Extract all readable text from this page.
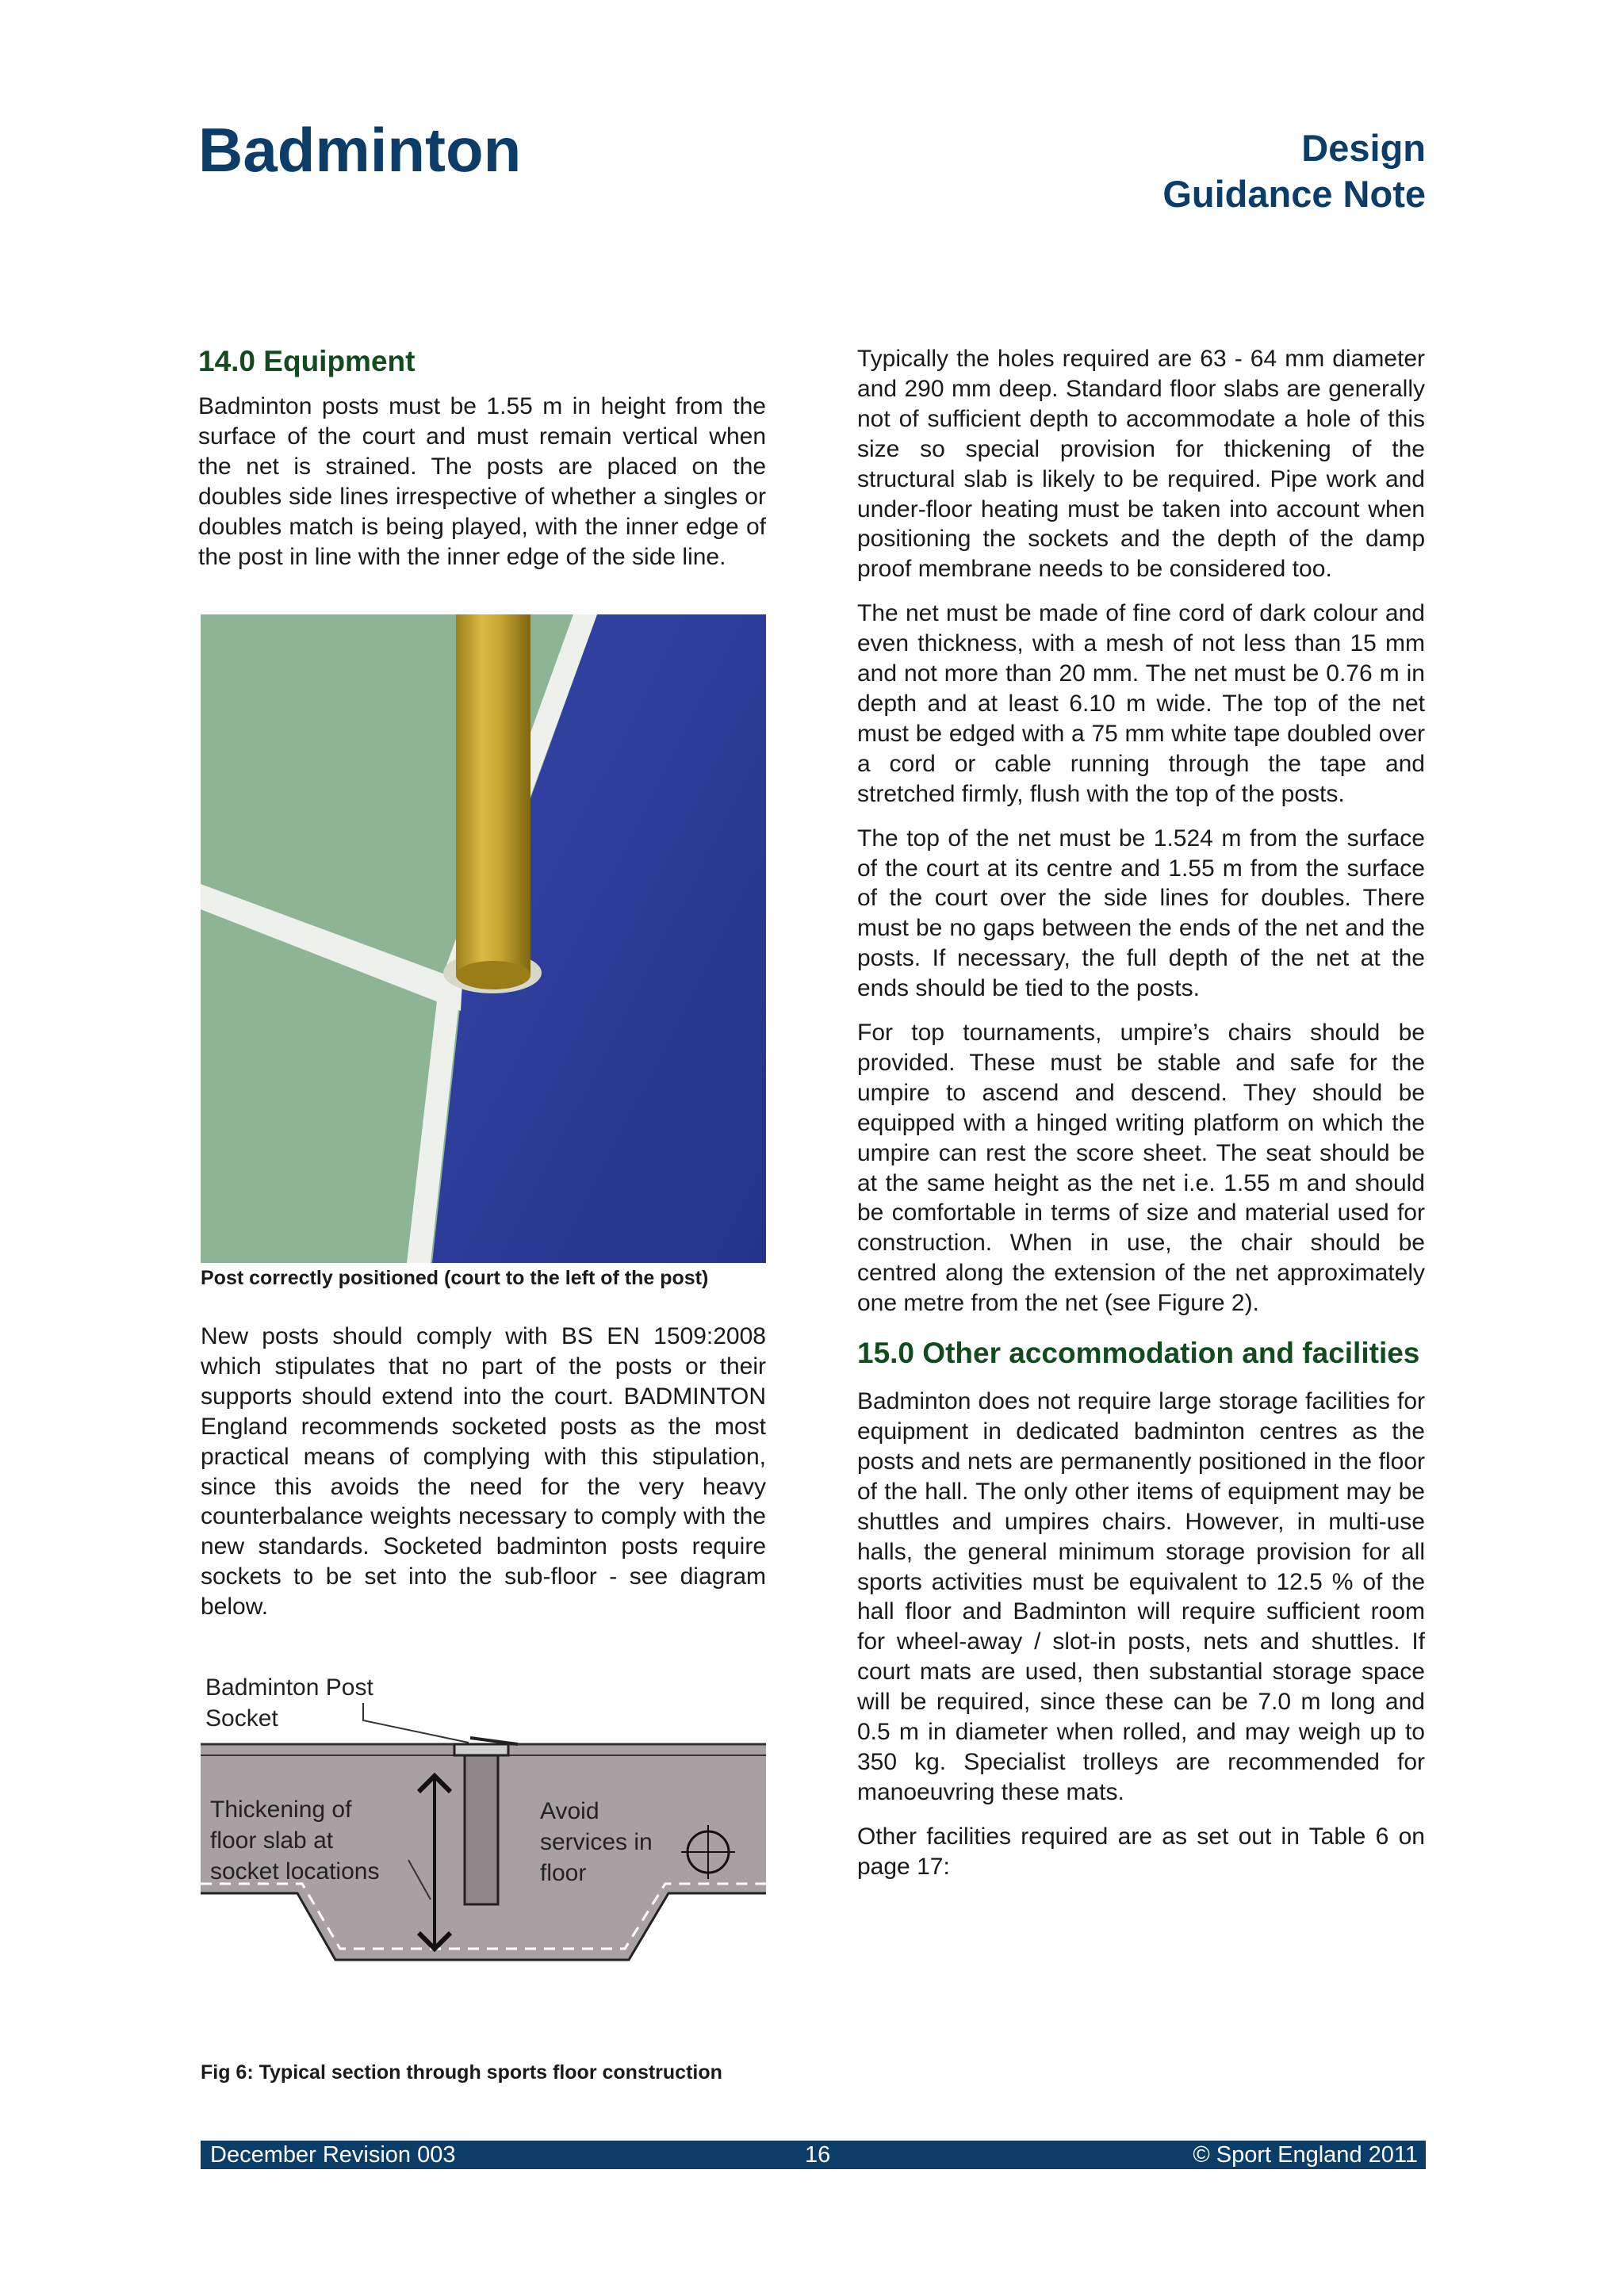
Badminton	Design
Guidance Note
14.0 Equipment

Badminton posts must be 1.55 m in height from the surface of the court and must remain vertical when the net is strained. The posts are placed on the doubles side lines irrespective of whether a singles or doubles match is being played, with the inner edge of the post in line with the inner edge of the side line.

Post correctly positioned (court to the left of the post)

New posts should comply with BS EN 1509:2008 which stipulates that no part of the posts or their supports should extend into the court. BADMINTON England recommends socketed posts as the most practical means of complying with this stipulation, since this avoids the need for the very heavy counterbalance weights necessary to comply with the new standards. Socketed badminton posts require sockets to be set into the sub-floor - see diagram below.

Badminton Post
Socket
Thickening of
floor slab at
socket locations
Avoid
services in
floor
Fig 6: Typical section through sports floor construction

Typically the holes required are 63 - 64 mm diameter and 290 mm deep. Standard floor slabs are generally not of sufficient depth to accommodate a hole of this size so special provision for thickening of the structural slab is likely to be required. Pipe work and under-floor heating must be taken into account when positioning the sockets and the depth of the damp proof membrane needs to be considered too.

The net must be made of fine cord of dark colour and even thickness, with a mesh of not less than 15 mm and not more than 20 mm. The net must be 0.76 m in depth and at least 6.10 m wide. The top of the net must be edged with a 75 mm white tape doubled over a cord or cable running through the tape and stretched firmly, flush with the top of the posts.

The top of the net must be 1.524 m from the surface of the court at its centre and 1.55 m from the surface of the court over the side lines for doubles. There must be no gaps between the ends of the net and the posts. If necessary, the full depth of the net at the ends should be tied to the posts.

For top tournaments, umpire’s chairs should be provided. These must be stable and safe for the umpire to ascend and descend. They should be equipped with a hinged writing platform on which the umpire can rest the score sheet. The seat should be at the same height as the net i.e. 1.55 m and should be comfortable in terms of size and material used for construction. When in use, the chair should be centred along the extension of the net approximately one metre from the net (see Figure 2).

15.0 Other accommodation and facilities

Badminton does not require large storage facilities for equipment in dedicated badminton centres as the posts and nets are permanently positioned in the floor of the hall. The only other items of equipment may be shuttles and umpires chairs. However, in multi-use halls, the general minimum storage provision for all sports activities must be equivalent to 12.5 % of the hall floor and Badminton will require sufficient room for wheel-away / slot-in posts, nets and shuttles. If court mats are used, then substantial storage space will be required, since these can be 7.0 m long and 0.5 m in diameter when rolled, and may weigh up to 350 kg. Specialist trolleys are recommended for manoeuvring these mats.

Other facilities required are as set out in Table 6 on page 17:

December Revision 003	16	© Sport England 2011
